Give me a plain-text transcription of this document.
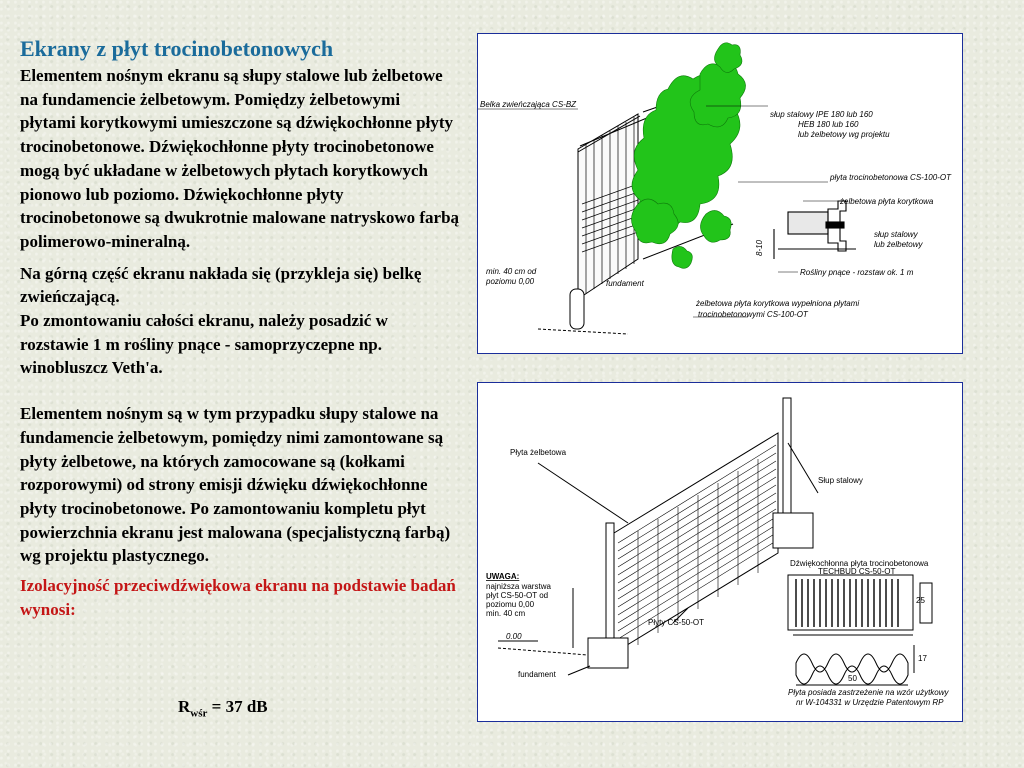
Ekrany z płyt trocinobetonowych

Elementem nośnym ekranu są słupy stalowe lub żelbetowe na fundamencie żelbetowym. Pomiędzy żelbetowymi płytami korytkowymi umieszczone są dźwiękochłonne płyty trocinobetonowe. Dźwiękochłonne płyty trocinobetonowe mogą być układane w żelbetowych płytach korytkowych pionowo lub poziomo. Dźwiękochłonne płyty trocinobetonowe są dwukrotnie malowane natryskowo farbą polimerowo-mineralną.

Na górną część ekranu nakłada się (przykleja się) belkę zwieńczającą.
Po zmontowaniu całości ekranu, należy posadzić w rozstawie 1 m rośliny pnące - samoprzyczepne np. winobluszcz Veth'a.

Elementem nośnym są w tym przypadku słupy stalowe na fundamencie żelbetowym, pomiędzy nimi zamontowane są płyty żelbetowe, na których zamocowane są (kołkami rozporowymi) od strony emisji dźwięku dźwiękochłonne płyty trocinobetonowe. Po zamontowaniu kompletu płyt powierzchnia ekranu jest malowana (specjalistyczną farbą) wg projektu plastycznego.

Izolacyjność przeciwdźwiękowa ekranu na podstawie badań wynosi:

$R_{wśr} = 37$ dB
Belka zwieńczająca CS-BZ
słup stalowy IPE 180 lub 160
HEB 180 lub 160
lub żelbetowy wg projektu
płyta trocinobetonowa CS-100-OT
żelbetowa płyta korytkowa
słup stalowy
lub żelbetowy
8-10
Rośliny pnące - rozstaw ok. 1 m
min. 40 cm od
poziomu 0,00	fundament
żelbetowa płyta korytkowa wypełniona płytami
trocinobetonowymi CS-100-OT
Płyta żelbetowa
Słup stalowy
UWAGA:
najniższa warstwa
płyt CS-50-OT od
poziomu 0,00
min. 40 cm
Płyty CS-50-OT
0.00
fundament
Dźwiękochłonna płyta trocinobetonowa
TECHBUD CS-50-OT
25
50
17
Płyta posiada zastrzeżenie na wzór użytkowy
nr W-104331 w Urzędzie Patentowym RP
